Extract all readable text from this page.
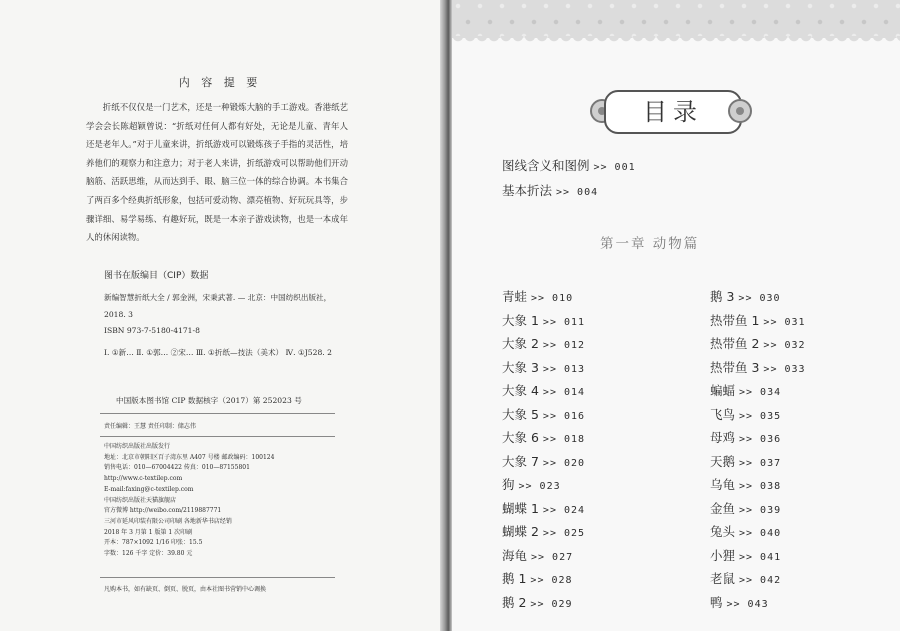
内 容 提 要

折纸不仅仅是一门艺术，还是一种锻炼大脑的手工游戏。香港纸艺学会会长陈超颖曾说：“折纸对任何人都有好处，无论是儿童、青年人还是老年人。”对于儿童来讲，折纸游戏可以锻炼孩子手指的灵活性，培养他们的观察力和注意力；对于老人来讲，折纸游戏可以帮助他们开动脑筋、活跃思维，从而达到手、眼、脑三位一体的综合协调。本书集合了两百多个经典折纸形象，包括可爱动物、漂亮植物、好玩玩具等，步骤详细、易学易练、有趣好玩，既是一本亲子游戏读物，也是一本成年人的休闲读物。

图书在版编目（CIP）数据
新编智慧折纸大全 / 郭金洲，宋秉武著. — 北京：中国纺织出版社，2018. 3
ISBN 973-7-5180-4171-8
Ⅰ. ①新… Ⅱ. ①郭… ②宋… Ⅲ. ①折纸—技法（美术） Ⅳ. ①J528. 2
中国版本图书馆 CIP 数据核字（2017）第 252023 号
责任编辑：王慧 责任印制：储志伟
中国纺织出版社出版发行
地址：北京市朝阳区百子湾东里 A407 号楼 邮政编码：100124
销售电话：010—67004422 传真：010—87155801
http://www.c-textilep.com
E-mail:faxing@c-textilep.com
中国纺织出版社天猫旗舰店
官方微博 http://weibo.com/2119887771
三河市延风印装有限公司印刷 各地新华书店经销
2018 年 3 月第 1 版第 1 次印刷
开本：787×1092 1/16 印张：15.5
字数：126 千字 定价：39.80 元
凡购本书，如有缺页、倒页、脱页，由本社图书营销中心调换
目录
图线含义和图例 >> 001
基本折法 >> 004
第一章 动物篇
青蛙 >> 010
大象 1 >> 011
大象 2 >> 012
大象 3 >> 013
大象 4 >> 014
大象 5 >> 016
大象 6 >> 018
大象 7 >> 020
狗 >> 023
蝴蝶 1 >> 024
蝴蝶 2 >> 025
海龟 >> 027
鹅 1 >> 028
鹅 2 >> 029
鹅 3 >> 030
热带鱼 1 >> 031
热带鱼 2 >> 032
热带鱼 3 >> 033
蝙蝠 >> 034
飞鸟 >> 035
母鸡 >> 036
天鹅 >> 037
乌龟 >> 038
金鱼 >> 039
兔头 >> 040
小狸 >> 041
老鼠 >> 042
鸭 >> 043
